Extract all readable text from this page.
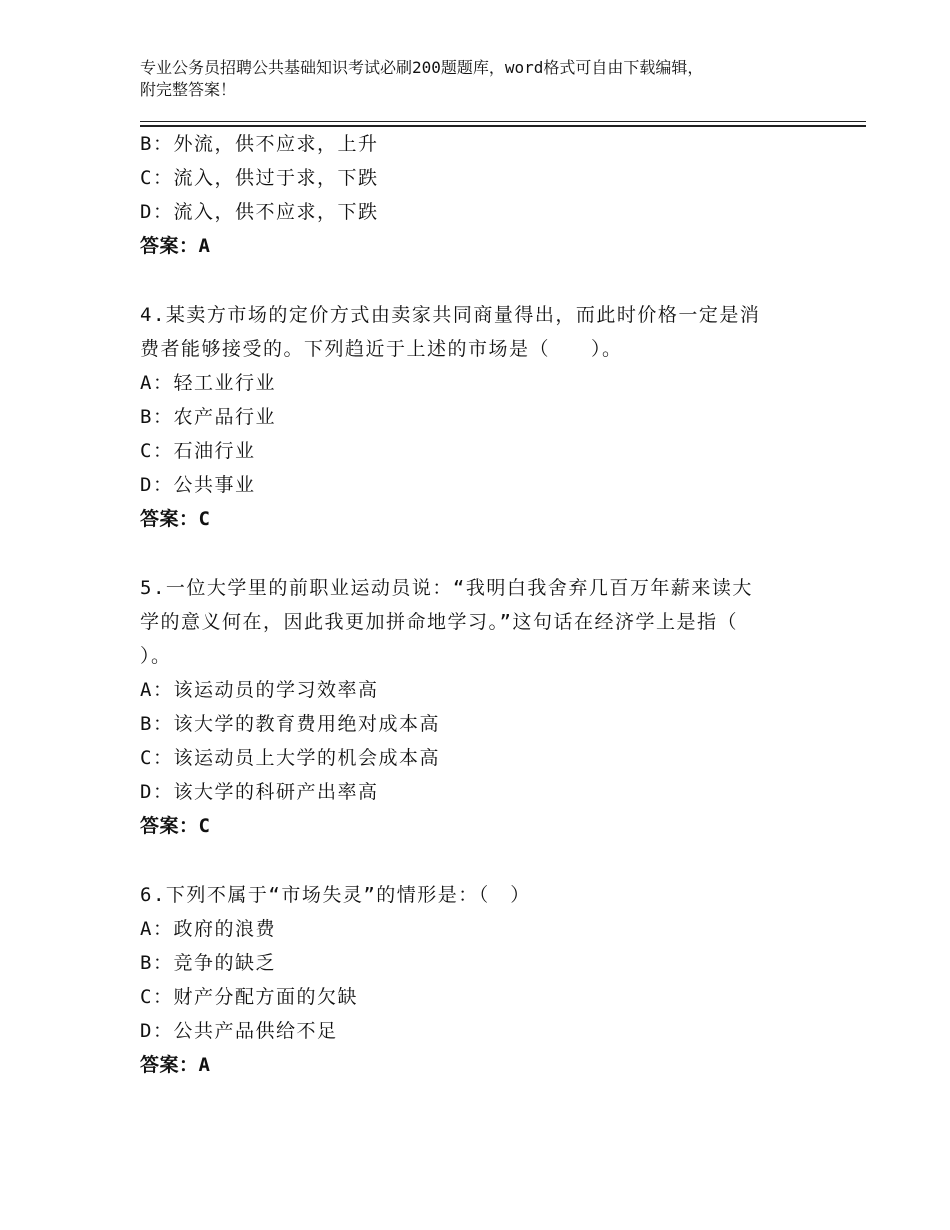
专业公务员招聘公共基础知识考试必刷200题题库，word格式可自由下载编辑，
附完整答案！
B：外流，供不应求，上升
C：流入，供过于求，下跌
D：流入，供不应求，下跌
答案：A
4.某卖方市场的定价方式由卖家共同商量得出，而此时价格一定是消
费者能够接受的。下列趋近于上述的市场是（　　）。
A：轻工业行业
B：农产品行业
C：石油行业
D：公共事业
答案：C
5.一位大学里的前职业运动员说：“我明白我舍弃几百万年薪来读大
学的意义何在，因此我更加拼命地学习。”这句话在经济学上是指（
）。
A：该运动员的学习效率高
B：该大学的教育费用绝对成本高
C：该运动员上大学的机会成本高
D：该大学的科研产出率高
答案：C
6.下列不属于“市场失灵”的情形是：（　）
A：政府的浪费
B：竞争的缺乏
C：财产分配方面的欠缺
D：公共产品供给不足
答案：A
